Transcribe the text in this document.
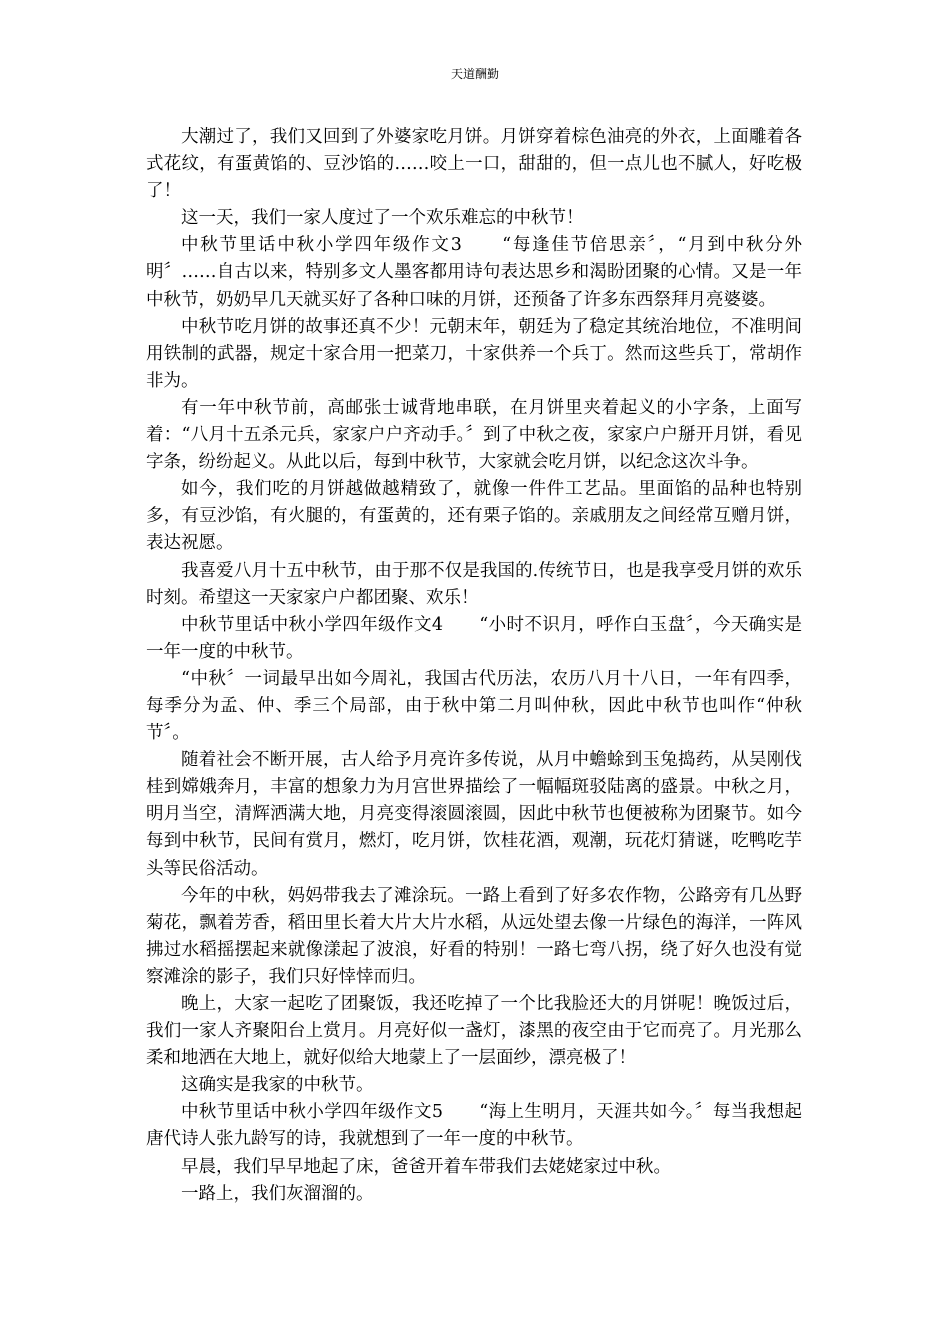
天道酬勤

大潮过了，我们又回到了外婆家吃月饼。月饼穿着棕色油亮的外衣，上面雕着各式花纹，有蛋黄馅的、豆沙馅的……咬上一口，甜甜的，但一点儿也不腻人，好吃极了！

这一天，我们一家人度过了一个欢乐难忘的中秋节！

中秋节里话中秋小学四年级作文3　　“每逢佳节倍思亲〞，“月到中秋分外明〞……自古以来，特别多文人墨客都用诗句表达思乡和渴盼团聚的心情。又是一年中秋节，奶奶早几天就买好了各种口味的月饼，还预备了许多东西祭拜月亮婆婆。

中秋节吃月饼的故事还真不少！元朝末年，朝廷为了稳定其统治地位，不准明间用铁制的武器，规定十家合用一把菜刀，十家供养一个兵丁。然而这些兵丁，常胡作非为。

有一年中秋节前，高邮张士诚背地串联，在月饼里夹着起义的小字条，上面写着：“八月十五杀元兵，家家户户齐动手。〞到了中秋之夜，家家户户掰开月饼，看见字条，纷纷起义。从此以后，每到中秋节，大家就会吃月饼，以纪念这次斗争。

如今，我们吃的月饼越做越精致了，就像一件件工艺品。里面馅的品种也特别多，有豆沙馅，有火腿的，有蛋黄的，还有栗子馅的。亲戚朋友之间经常互赠月饼，表达祝愿。

我喜爱八月十五中秋节，由于那不仅是我国的.传统节日，也是我享受月饼的欢乐时刻。希望这一天家家户户都团聚、欢乐！

中秋节里话中秋小学四年级作文4　　“小时不识月，呼作白玉盘〞，今天确实是一年一度的中秋节。

“中秋〞一词最早出如今周礼，我国古代历法，农历八月十八日，一年有四季，每季分为孟、仲、季三个局部，由于秋中第二月叫仲秋，因此中秋节也叫作“仲秋节〞。

随着社会不断开展，古人给予月亮许多传说，从月中蟾蜍到玉兔捣药，从吴刚伐桂到嫦娥奔月，丰富的想象力为月宫世界描绘了一幅幅斑驳陆离的盛景。中秋之月，明月当空，清辉洒满大地，月亮变得滚圆滚圆，因此中秋节也便被称为团聚节。如今每到中秋节，民间有赏月，燃灯，吃月饼，饮桂花酒，观潮，玩花灯猜谜，吃鸭吃芋头等民俗活动。

今年的中秋，妈妈带我去了滩涂玩。一路上看到了好多农作物，公路旁有几丛野菊花，飘着芳香，稻田里长着大片大片水稻，从远处望去像一片绿色的海洋，一阵风拂过水稻摇摆起来就像漾起了波浪，好看的特别！一路七弯八拐，绕了好久也没有觉察滩涂的影子，我们只好悻悻而归。

晚上，大家一起吃了团聚饭，我还吃掉了一个比我脸还大的月饼呢！晚饭过后，我们一家人齐聚阳台上赏月。月亮好似一盏灯，漆黑的夜空由于它而亮了。月光那么柔和地洒在大地上，就好似给大地蒙上了一层面纱，漂亮极了！

这确实是我家的中秋节。

中秋节里话中秋小学四年级作文5　　“海上生明月，天涯共如今。〞每当我想起唐代诗人张九龄写的诗，我就想到了一年一度的中秋节。

早晨，我们早早地起了床，爸爸开着车带我们去姥姥家过中秋。

一路上，我们灰溜溜的。
